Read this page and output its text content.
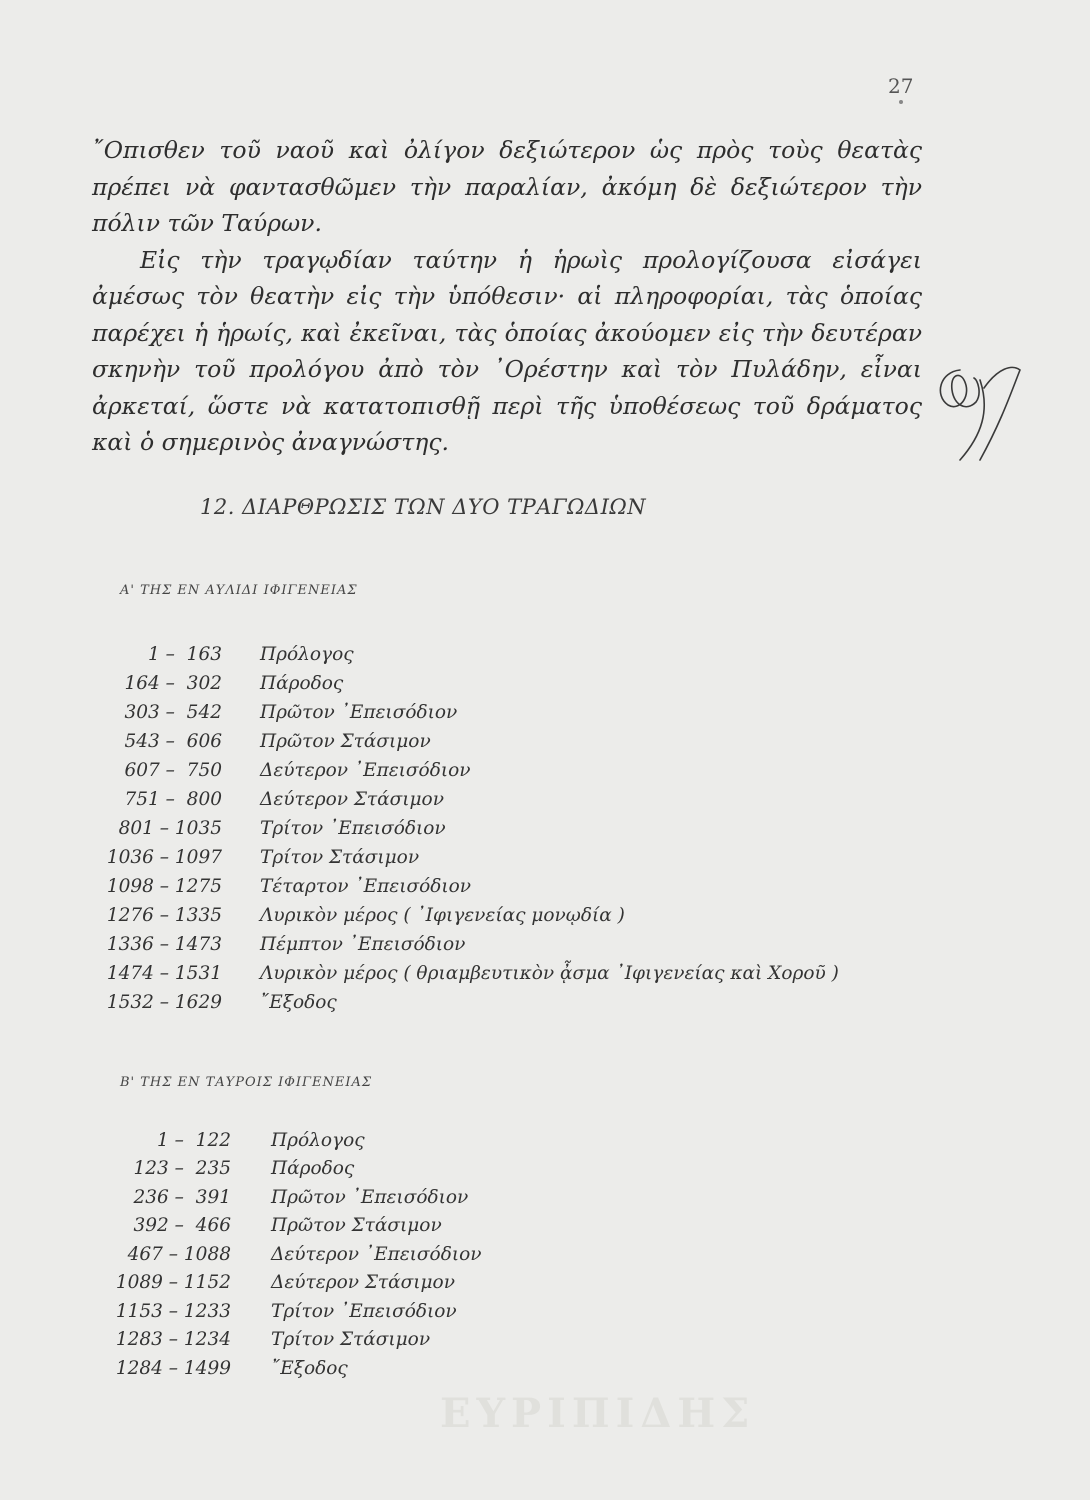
27

῎Οπισθεν τοῦ ναοῦ καὶ ὀλίγον δεξιώτερον ὡς πρὸς τοὺς θεατὰς πρέπει νὰ φαντασθῶμεν τὴν παραλίαν, ἀκόμη δὲ δεξιώτερον τὴν πόλιν τῶν Ταύρων.

Εἰς τὴν τραγῳδίαν ταύτην ἡ ἡρωὶς προλογίζουσα εἰσάγει ἀμέσως τὸν θεατὴν εἰς τὴν ὑπόθεσιν· αἱ πληροφορίαι, τὰς ὁποίας παρέχει ἡ ἡρωίς, καὶ ἐκεῖναι, τὰς ὁποίας ἀκούομεν εἰς τὴν δευτέραν σκηνὴν τοῦ προλόγου ἀπὸ τὸν ᾿Ορέστην καὶ τὸν Πυλάδην, εἶναι ἀρκεταί, ὥστε νὰ κατατοπισθῇ περὶ τῆς ὑποθέσεως τοῦ δράματος καὶ ὁ σημερινὸς ἀναγνώστης.

12. ΔΙΑΡΘΡΩΣΙΣ ΤΩΝ ΔΥΟ ΤΡΑΓΩΔΙΩΝ
Α' ΤΗΣ ΕΝ ΑΥΛΙΔΙ ΙΦΙΓΕΝΕΙΑΣ
1 –  163 Πρόλογος
164 –  302 Πάροδος
303 –  542 Πρῶτον ᾿Επεισόδιον
543 –  606 Πρῶτον Στάσιμον
607 –  750 Δεύτερον ᾿Επεισόδιον
751 –  800 Δεύτερον Στάσιμον
801 – 1035 Τρίτον ᾿Επεισόδιον
1036 – 1097 Τρίτον Στάσιμον
1098 – 1275 Τέταρτον ᾿Επεισόδιον
1276 – 1335 Λυρικὸν μέρος ( ᾿Ιφιγενείας μονῳδία )
1336 – 1473 Πέμπτον ᾿Επεισόδιον
1474 – 1531 Λυρικὸν μέρος ( θριαμβευτικὸν ᾆσμα ᾿Ιφιγενείας καὶ Χοροῦ )
1532 – 1629 ῎Εξοδος
Β' ΤΗΣ ΕΝ ΤΑΥΡΟΙΣ ΙΦΙΓΕΝΕΙΑΣ
1 –  122 Πρόλογος
123 –  235 Πάροδος
236 –  391 Πρῶτον ᾿Επεισόδιον
392 –  466 Πρῶτον Στάσιμον
467 – 1088 Δεύτερον ᾿Επεισόδιον
1089 – 1152 Δεύτερον Στάσιμον
1153 – 1233 Τρίτον ᾿Επεισόδιον
1283 – 1234 Τρίτον Στάσιμον
1284 – 1499 ῎Εξοδος
ΕΥΡΙΠΙΔΗΣ
